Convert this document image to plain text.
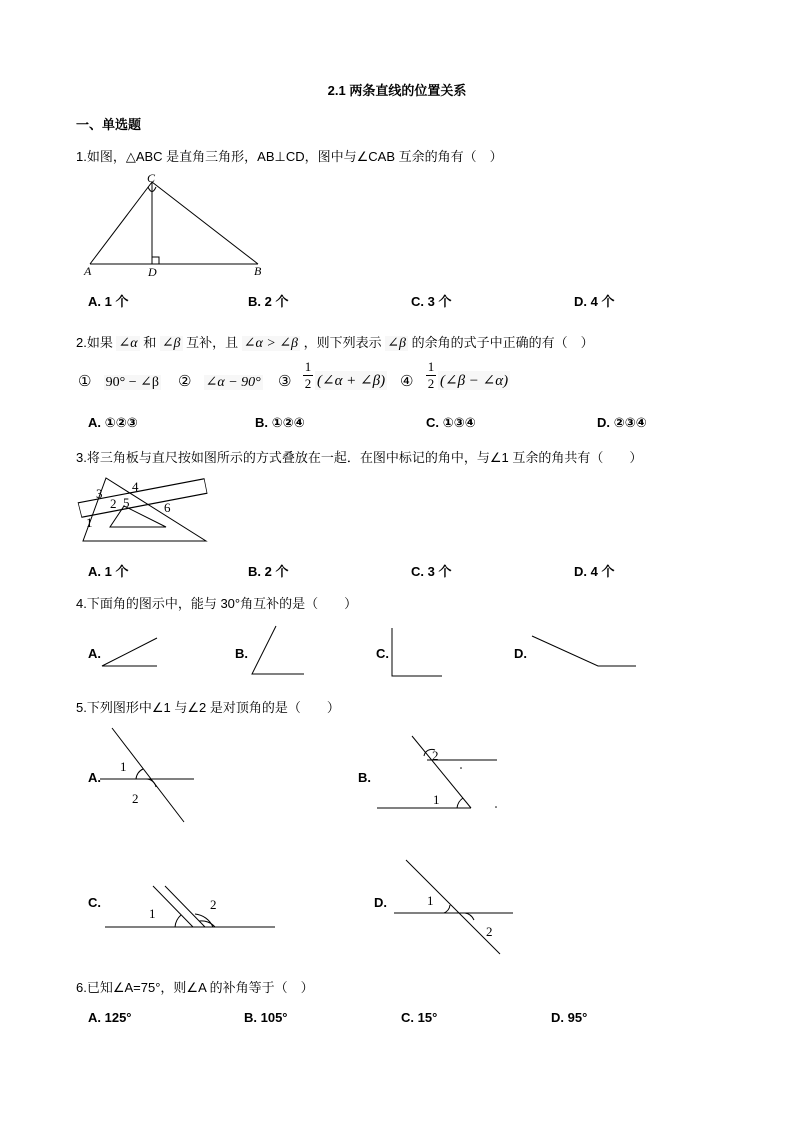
2.1 两条直线的位置关系
一、单选题
1.如图，△ABC 是直角三角形，AB⊥CD，图中与∠CAB 互余的角有（　）
C
A	D	B
A. 1 个	B. 2 个	C. 3 个	D. 4 个
2.如果 ∠α 和 ∠β 互补，且 ∠α > ∠β ，则下列表示 ∠β 的余角的式子中正确的有（　）
① 90° − ∠β ② ∠α − 90° ③ $\frac{1}{2}$ (∠α + ∠β) ④ $\frac{1}{2}$ (∠β − ∠α)
A. ①②③	B. ①②④	C. ①③④	D. ②③④
3.将三角板与直尺按如图所示的方式叠放在一起．在图中标记的角中，与∠1 互余的角共有（　　）
1
2
3 4
5	6
A. 1 个	B. 2 个	C. 3 个	D. 4 个
4.下面角的图示中，能与 30°角互补的是（　　）
A.	B.	C.	D.
5.下列图形中∠1 与∠2 是对顶角的是（　　）
A.
1
2
B.
2
1
C.
1
2	D.	1
2
6.已知∠A=75°，则∠A 的补角等于（　）
A. 125°	B. 105°	C. 15°	D. 95°
